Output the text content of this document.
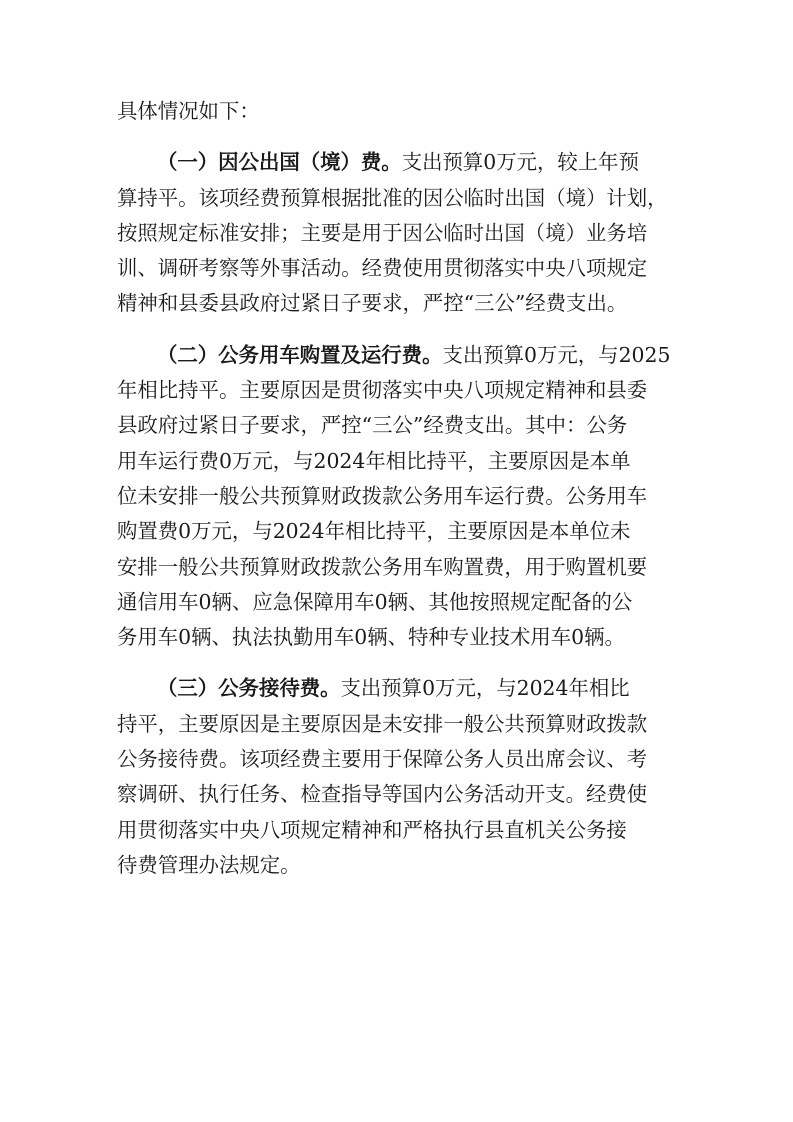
具体情况如下：

（一）因公出国（境）费。支出预算0万元，较上年预
算持平。该项经费预算根据批准的因公临时出国（境）计划，
按照规定标准安排；主要是用于因公临时出国（境）业务培
训、调研考察等外事活动。经费使用贯彻落实中央八项规定
精神和县委县政府过紧日子要求，严控“三公”经费支出。
（二）公务用车购置及运行费。支出预算0万元，与2025
年相比持平。主要原因是贯彻落实中央八项规定精神和县委
县政府过紧日子要求，严控“三公”经费支出。其中：公务
用车运行费0万元，与2024年相比持平，主要原因是本单
位未安排一般公共预算财政拨款公务用车运行费。公务用车
购置费0万元，与2024年相比持平，主要原因是本单位未
安排一般公共预算财政拨款公务用车购置费，用于购置机要
通信用车0辆、应急保障用车0辆、其他按照规定配备的公
务用车0辆、执法执勤用车0辆、特种专业技术用车0辆。
（三）公务接待费。支出预算0万元，与2024年相比
持平，主要原因是主要原因是未安排一般公共预算财政拨款
公务接待费。该项经费主要用于保障公务人员出席会议、考
察调研、执行任务、检查指导等国内公务活动开支。经费使
用贯彻落实中央八项规定精神和严格执行县直机关公务接
待费管理办法规定。
